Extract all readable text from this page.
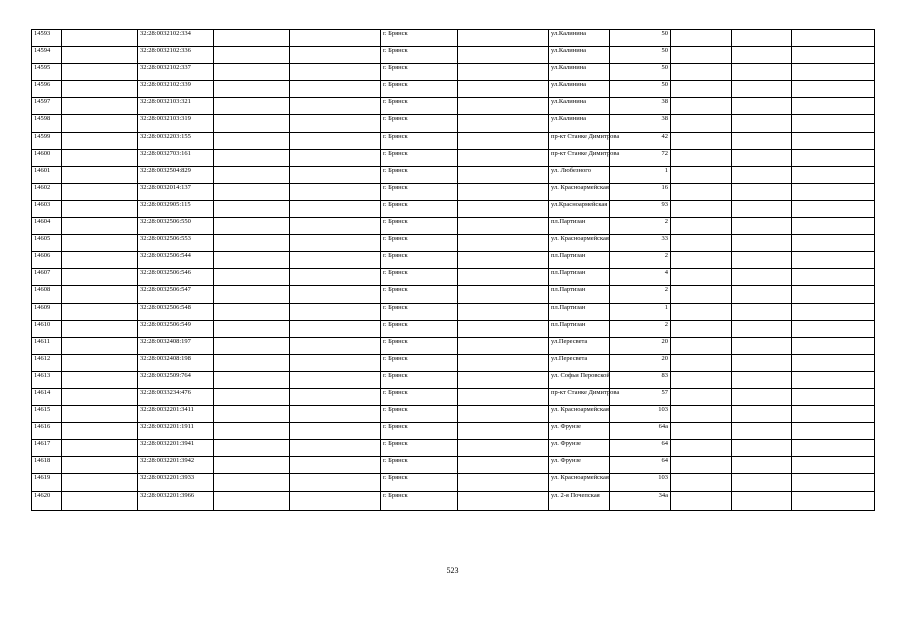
14593		32:28:0032102:334			г. Брянск		ул.Калинина	50			
14594		32:28:0032102:336			г. Брянск		ул.Калинина	50			
14595		32:28:0032102:337			г. Брянск		ул.Калинина	50			
14596		32:28:0032102:339			г. Брянск		ул.Калинина	50			
14597		32:28:0032103:321			г. Брянск		ул.Калинина	38			
14598		32:28:0032103:319			г. Брянск		ул.Калинина	38			
14599		32:28:0032203:155			г. Брянск		пр-кт Станке Димитрова	42			
14600		32:28:0032703:161			г. Брянск		пр-кт Станке Димитрова	72			
14601		32:28:0032504:829			г. Брянск		ул. Любезного	1			
14602		32:28:0032014:137			г. Брянск		ул. Красноармейская	16			
14603		32:28:0032905:115			г. Брянск		ул.Красноармейская	93			
14604		32:28:0032506:550			г. Брянск		пл.Партизан	2			
14605		32:28:0032506:553			г. Брянск		ул. Красноармейская	33			
14606		32:28:0032506:544			г. Брянск		пл.Партизан	2			
14607		32:28:0032506:546			г. Брянск		пл.Партизан	4			
14608		32:28:0032506:547			г. Брянск		пл.Партизан	2			
14609		32:28:0032506:548			г. Брянск		пл.Партизан	1			
14610		32:28:0032506:549			г. Брянск		пл.Партизан	2			
14611		32:28:0032408:197			г. Брянск		ул.Пересвета	20			
14612		32:28:0032408:198			г. Брянск		ул.Пересвета	20			
14613		32:28:0032509:764			г. Брянск		ул. Софьи Перовской	83			
14614		32:28:0033234:476			г. Брянск		пр-кт Станке Димитрова	57			
14615		32:28:0032201:3411			г. Брянск		ул. Красноармейская	103			
14616		32:28:0032201:1911			г. Брянск		ул. Фрунзе	64а			
14617		32:28:0032201:3941			г. Брянск		ул. Фрунзе	64			
14618		32:28:0032201:3942			г. Брянск		ул. Фрунзе	64			
14619		32:28:0032201:3933			г. Брянск		ул. Красноармейская	103			
14620		32:28:0032201:3966			г. Брянск		ул. 2-я Почепская	34а			
523
